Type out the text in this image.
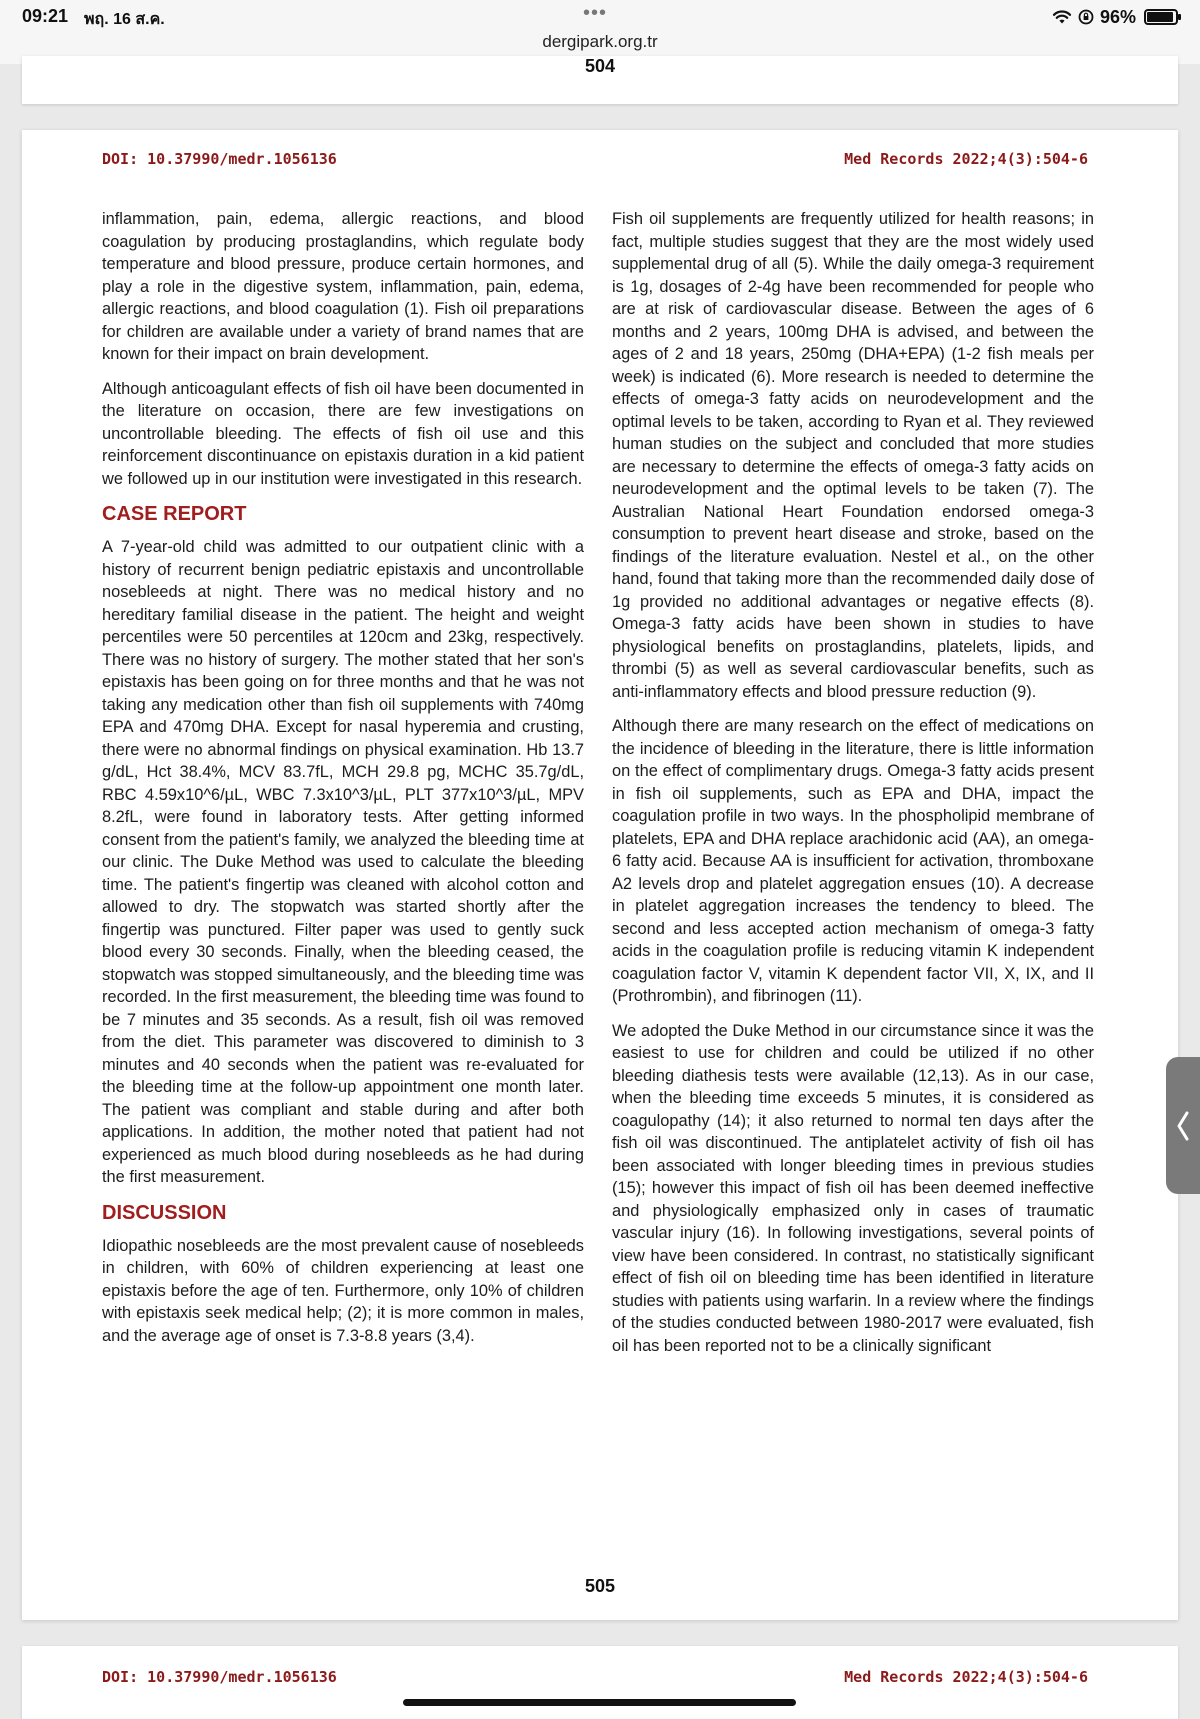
09:21 พฤ. 16 ส.ค.	•••
dergipark.org.tr
96%
504
DOI: 10.37990/medr.1056136	Med Records 2022;4(3):504-6

inflammation, pain, edema, allergic reactions, and blood coagulation by producing prostaglandins, which regulate body temperature and blood pressure, produce certain hormones, and play a role in the digestive system, inflammation, pain, edema, allergic reactions, and blood coagulation (1). Fish oil preparations for children are available under a variety of brand names that are known for their impact on brain development.

Although anticoagulant effects of fish oil have been documented in the literature on occasion, there are few investigations on uncontrollable bleeding. The effects of fish oil use and this reinforcement discontinuance on epistaxis duration in a kid patient we followed up in our institution were investigated in this research.

CASE REPORT

A 7-year-old child was admitted to our outpatient clinic with a history of recurrent benign pediatric epistaxis and uncontrollable nosebleeds at night. There was no medical history and no hereditary familial disease in the patient. The height and weight percentiles were 50 percentiles at 120cm and 23kg, respectively. There was no history of surgery. The mother stated that her son's epistaxis has been going on for three months and that he was not taking any medication other than fish oil supplements with 740mg EPA and 470mg DHA. Except for nasal hyperemia and crusting, there were no abnormal findings on physical examination. Hb 13.7 g/dL, Hct 38.4%, MCV 83.7fL, MCH 29.8 pg, MCHC 35.7g/dL, RBC 4.59x10^6/µL, WBC 7.3x10^3/µL, PLT 377x10^3/µL, MPV 8.2fL, were found in laboratory tests. After getting informed consent from the patient's family, we analyzed the bleeding time at our clinic. The Duke Method was used to calculate the bleeding time. The patient's fingertip was cleaned with alcohol cotton and allowed to dry. The stopwatch was started shortly after the fingertip was punctured. Filter paper was used to gently suck blood every 30 seconds. Finally, when the bleeding ceased, the stopwatch was stopped simultaneously, and the bleeding time was recorded. In the first measurement, the bleeding time was found to be 7 minutes and 35 seconds. As a result, fish oil was removed from the diet. This parameter was discovered to diminish to 3 minutes and 40 seconds when the patient was re-evaluated for the bleeding time at the follow-up appointment one month later. The patient was compliant and stable during and after both applications. In addition, the mother noted that patient had not experienced as much blood during nosebleeds as he had during the first measurement.

DISCUSSION

Idiopathic nosebleeds are the most prevalent cause of nosebleeds in children, with 60% of children experiencing at least one epistaxis before the age of ten. Furthermore, only 10% of children with epistaxis seek medical help; (2); it is more common in males, and the average age of onset is 7.3-8.8 years (3,4).

Fish oil supplements are frequently utilized for health reasons; in fact, multiple studies suggest that they are the most widely used supplemental drug of all (5). While the daily omega-3 requirement is 1g, dosages of 2-4g have been recommended for people who are at risk of cardiovascular disease. Between the ages of 6 months and 2 years, 100mg DHA is advised, and between the ages of 2 and 18 years, 250mg (DHA+EPA) (1-2 fish meals per week) is indicated (6). More research is needed to determine the effects of omega-3 fatty acids on neurodevelopment and the optimal levels to be taken, according to Ryan et al. They reviewed human studies on the subject and concluded that more studies are necessary to determine the effects of omega-3 fatty acids on neurodevelopment and the optimal levels to be taken (7). The Australian National Heart Foundation endorsed omega-3 consumption to prevent heart disease and stroke, based on the findings of the literature evaluation. Nestel et al., on the other hand, found that taking more than the recommended daily dose of 1g provided no additional advantages or negative effects (8). Omega-3 fatty acids have been shown in studies to have physiological benefits on prostaglandins, platelets, lipids, and thrombi (5) as well as several cardiovascular benefits, such as anti-inflammatory effects and blood pressure reduction (9).

Although there are many research on the effect of medications on the incidence of bleeding in the literature, there is little information on the effect of complimentary drugs. Omega-3 fatty acids present in fish oil supplements, such as EPA and DHA, impact the coagulation profile in two ways. In the phospholipid membrane of platelets, EPA and DHA replace arachidonic acid (AA), an omega-6 fatty acid. Because AA is insufficient for activation, thromboxane A2 levels drop and platelet aggregation ensues (10). A decrease in platelet aggregation increases the tendency to bleed. The second and less accepted action mechanism of omega-3 fatty acids in the coagulation profile is reducing vitamin K independent coagulation factor V, vitamin K dependent factor VII, X, IX, and II (Prothrombin), and fibrinogen (11).

We adopted the Duke Method in our circumstance since it was the easiest to use for children and could be utilized if no other bleeding diathesis tests were available (12,13). As in our case, when the bleeding time exceeds 5 minutes, it is considered as coagulopathy (14); it also returned to normal ten days after the fish oil was discontinued. The antiplatelet activity of fish oil has been associated with longer bleeding times in previous studies (15); however this impact of fish oil has been deemed ineffective and physiologically emphasized only in cases of traumatic vascular injury (16). In following investigations, several points of view have been considered. In contrast, no statistically significant effect of fish oil on bleeding time has been identified in literature studies with patients using warfarin. In a review where the findings of the studies conducted between 1980-2017 were evaluated, fish oil has been reported not to be a clinically significant

505
DOI: 10.37990/medr.1056136	Med Records 2022;4(3):504-6
